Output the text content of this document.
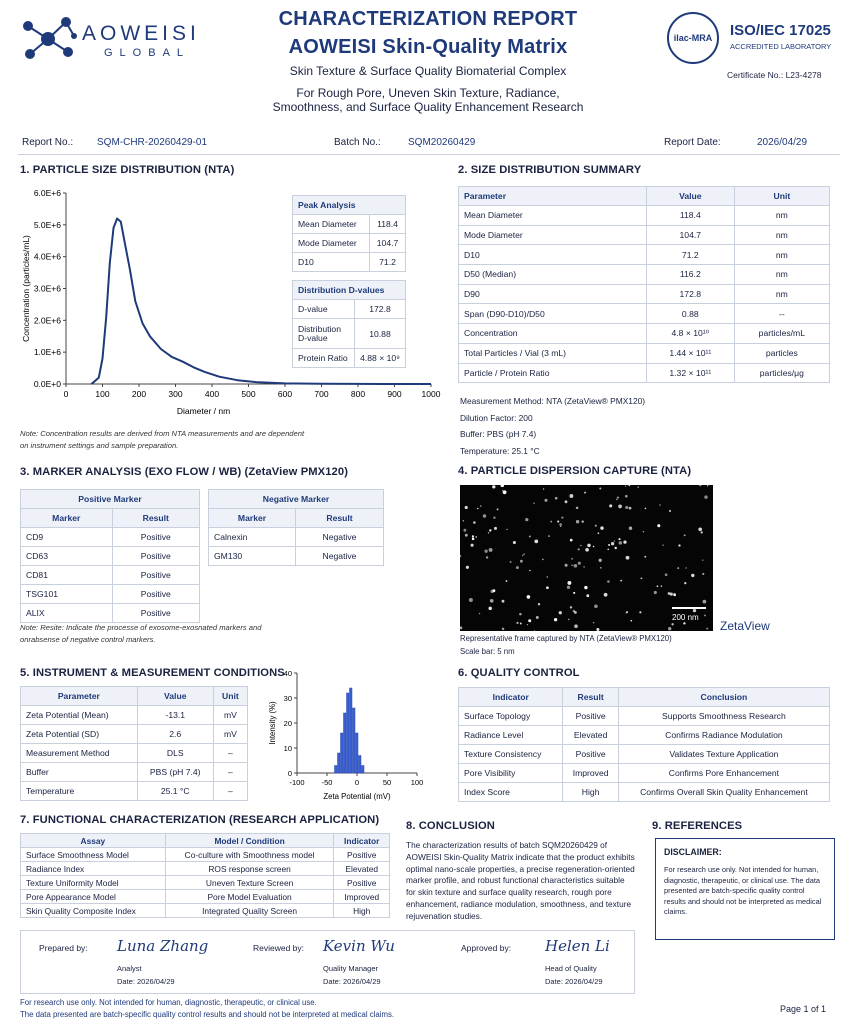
AOWEISI
GLOBAL
CHARACTERIZATION REPORT
AOWEISI Skin-Quality Matrix
Skin Texture & Surface Quality Biomaterial Complex
For Rough Pore, Uneven Skin Texture, Radiance,
Smoothness, and Surface Quality Enhancement Research
ilac-MRA ISO/IEC 17025
ACCREDITED LABORATORY
Certificate No.: L23-4278
Report No.: SQM-CHR-20260429-01	Batch No.:	SQM20260429	Report Date:	2026/04/29
1. PARTICLE SIZE DISTRIBUTION (NTA)
0.0E+0
1.0E+6
2.0E+6
3.0E+6
4.0E+6
5.0E+6
6.0E+6
0	100	200	300	400	500	600	700	800	900 1000
Diameter / nm
Concentration (particles/mL)
Peak Analysis	
Mean Diameter	118.4
Mode Diameter	104.7
D10	71.2
Distribution D-values	
D-value	172.8
Distribution D-value	10.88
Protein Ratio	4.88 × 10⁹
Note: Concentration results are derived from NTA measurements and are dependent
on instrument settings and sample preparation.
2. SIZE DISTRIBUTION SUMMARY
Parameter	Value	Unit
Mean Diameter	118.4	nm
Mode Diameter	104.7	nm
D10	71.2	nm
D50 (Median)	116.2	nm
D90	172.8	nm
Span (D90-D10)/D50	0.88	--
Concentration	4.8 × 10¹⁰	particles/mL
Total Particles / Vial (3 mL)	1.44 × 10¹¹	particles
Particle / Protein Ratio	1.32 × 10¹¹	particles/μg
Measurement Method: NTA (ZetaView® PMX120)
Dilution Factor: 200
Buffer: PBS (pH 7.4)
Temperature: 25.1 °C
3. MARKER ANALYSIS (EXO FLOW / WB) (ZetaView PMX120)
Positive Marker	
Marker	Result
CD9	Positive
CD63	Positive
CD81	Positive
TSG101	Positive
ALIX	Positive
Negative Marker	
Marker	Result
Calnexin	Negative
GM130	Negative
Note: Resite: Indicate the processe of exosome-exosnated markers and
onrabsense of negative control markers.
4. PARTICLE DISPERSION CAPTURE (NTA)
200 nm
ZetaView
Representative frame captured by NTA (ZetaView® PMX120)
Scale bar: 5 nm
5. INSTRUMENT & MEASUREMENT CONDITIONS
Parameter	Value	Unit
Zeta Potential (Mean)	-13.1	mV
Zeta Potential (SD)	2.6	mV
Measurement Method	DLS	–
Buffer	PBS (pH 7.4)	–
Temperature	25.1 °C	–
0
10
20
30
40
-100 -50	0	50	100
Zeta Potential (mV)
Intensity (%)
6. QUALITY CONTROL
Indicator	Result	Conclusion
Surface Topology	Positive	Supports Smoothness Research
Radiance Level	Elevated	Confirms Radiance Modulation
Texture Consistency	Positive	Validates Texture Application
Pore Visibility	Improved	Confirms Pore Enhancement
Index Score	High	Confirms Overall Skin Quality Enhancement
7. FUNCTIONAL CHARACTERIZATION (RESEARCH APPLICATION)
Assay	Model / Condition	Indicator
Surface Smoothness Model	Co-culture with Smoothness model	Positive
Radiance Index	ROS response screen	Elevated
Texture Uniformity Model	Uneven Texture Screen	Positive
Pore Appearance Model	Pore Model Evaluation	Improved
Skin Quality Composite Index	Integrated Quality Screen	High
8. CONCLUSION
The characterization results of batch SQM20260429 of AOWEISI Skin-Quality Matrix indicate that the product exhibits optimal nano-scale properties, a precise regeneration-oriented marker profile, and robust functional characteristics suitable for skin texture and surface quality research, rough pore enhancement, radiance modulation, smoothness, and texture rejuvenation studies.
9. REFERENCES
DISCLAIMER:
For research use only. Not intended for human, diagnostic, therapeutic, or clinical use. The data presented are batch-specific quality control results and should not be interpreted as medical claims.
Prepared by: Luna Zhang
Analyst
Date: 2026/04/29
Reviewed by: Kevin Wu
Quality Manager
Date: 2026/04/29
Approved by: Helen Li
Head of Quality
Date: 2026/04/29
For research use only. Not intended for human, diagnostic, therapeutic, or clinical use.
The data presented are batch-specific quality control results and should not be interpreted at medical claims.
Page 1 of 1
